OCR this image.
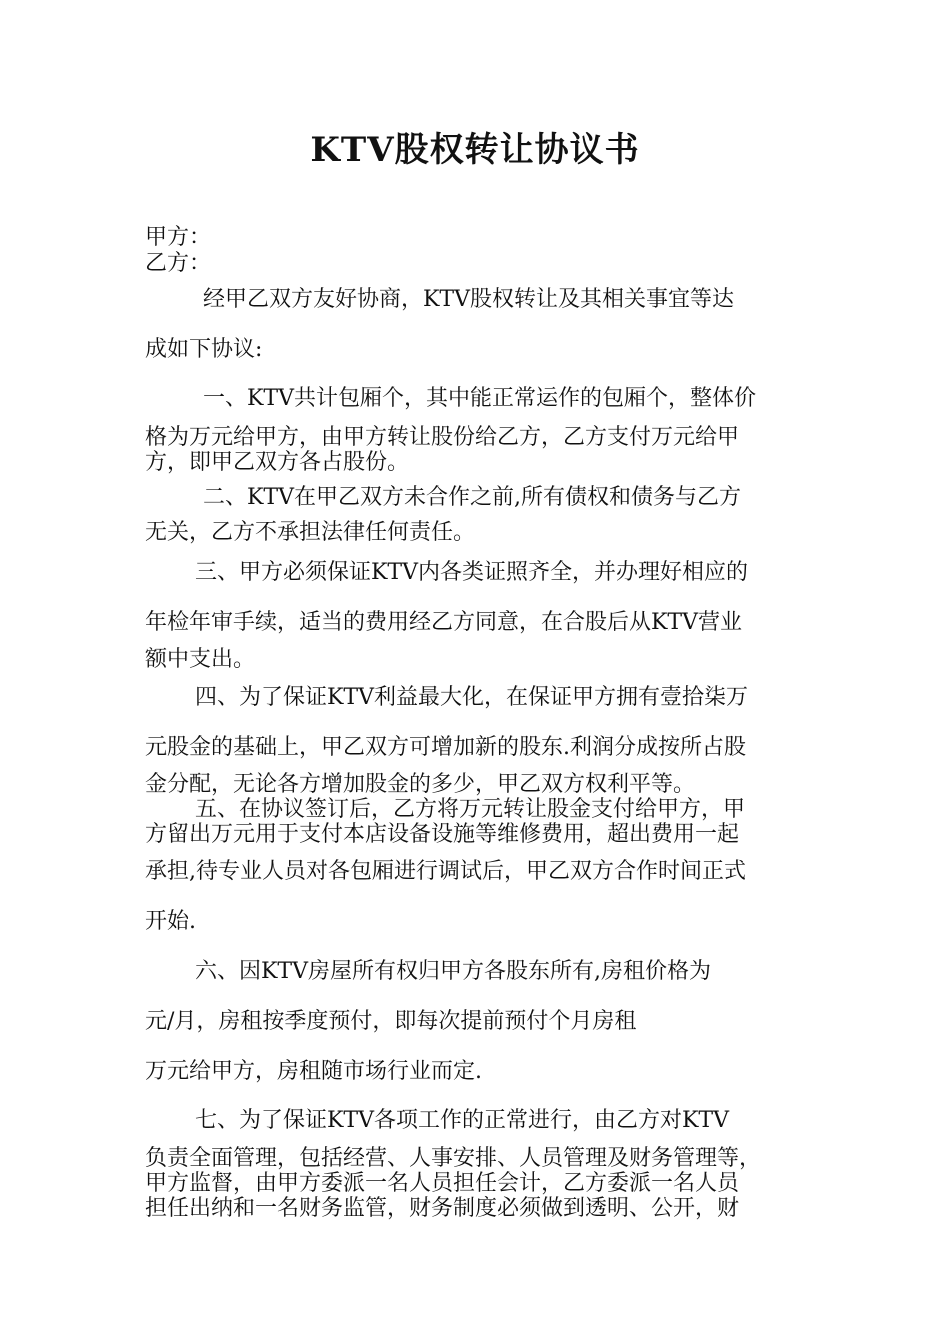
KTV股权转让协议书

甲方：

乙方：

经甲乙双方友好协商，KTV股权转让及其相关事宜等达

成如下协议:

一、KTV共计包厢个，其中能正常运作的包厢个，整体价

格为万元给甲方，由甲方转让股份给乙方，乙方支付万元给甲

方，即甲乙双方各占股份。

二、KTV在甲乙双方未合作之前,所有债权和债务与乙方

无关，乙方不承担法律任何责任。

三、甲方必须保证KTV内各类证照齐全，并办理好相应的

年检年审手续，适当的费用经乙方同意，在合股后从KTV营业

额中支出。

四、为了保证KTV利益最大化，在保证甲方拥有壹拾柒万

元股金的基础上，甲乙双方可增加新的股东.利润分成按所占股

金分配，无论各方增加股金的多少，甲乙双方权利平等。

五、在协议签订后，乙方将万元转让股金支付给甲方，甲

方留出万元用于支付本店设备设施等维修费用，超出费用一起

承担,待专业人员对各包厢进行调试后，甲乙双方合作时间正式

开始.

六、因KTV房屋所有权归甲方各股东所有,房租价格为

元/月，房租按季度预付，即每次提前预付个月房租

万元给甲方，房租随市场行业而定.

七、为了保证KTV各项工作的正常进行，由乙方对KTV

负责全面管理，包括经营、人事安排、人员管理及财务管理等，

甲方监督，由甲方委派一名人员担任会计，乙方委派一名人员

担任出纳和一名财务监管，财务制度必须做到透明、公开，财
